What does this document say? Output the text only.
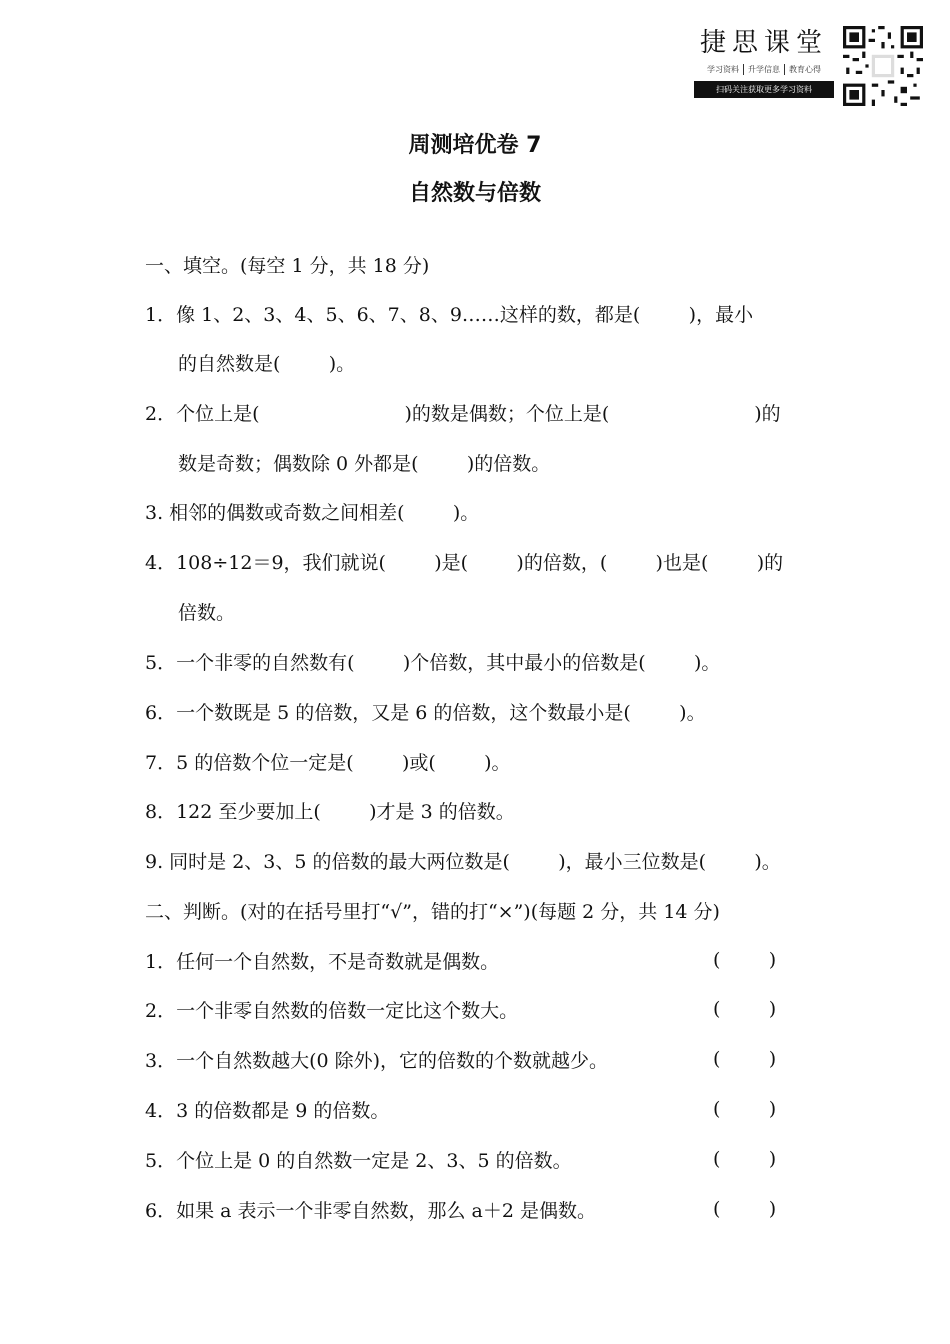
捷思课堂
学习资料	升学信息	教育心得
扫码关注获取更多学习资料
周测培优卷 7
自然数与倍数
一、填空。(每空 1 分，共 18 分)
1．像 1、2、3、4、5、6、7、8、9……这样的数，都是(        )，最小
的自然数是(        )。
2．个位上是(                        )的数是偶数；个位上是(                        )的
数是奇数；偶数除 0 外都是(        )的倍数。
3. 相邻的偶数或奇数之间相差(        )。
4．108÷12＝9，我们就说(        )是(        )的倍数，(        )也是(        )的
倍数。
5．一个非零的自然数有(        )个倍数，其中最小的倍数是(        )。
6．一个数既是 5 的倍数，又是 6 的倍数，这个数最小是(        )。
7．5 的倍数个位一定是(        )或(        )。
8．122 至少要加上(        )才是 3 的倍数。
9. 同时是 2、3、5 的倍数的最大两位数是(        )，最小三位数是(        )。
二、判断。(对的在括号里打“√”，错的打“×”)(每题 2 分，共 14 分)
1．任何一个自然数，不是奇数就是偶数。	(        )
2．一个非零自然数的倍数一定比这个数大。	(        )
3．一个自然数越大(0 除外)，它的倍数的个数就越少。	(        )
4．3 的倍数都是 9 的倍数。	(        )
5．个位上是 0 的自然数一定是 2、3、5 的倍数。	(        )
6．如果 a 表示一个非零自然数，那么 a＋2 是偶数。	(        )
